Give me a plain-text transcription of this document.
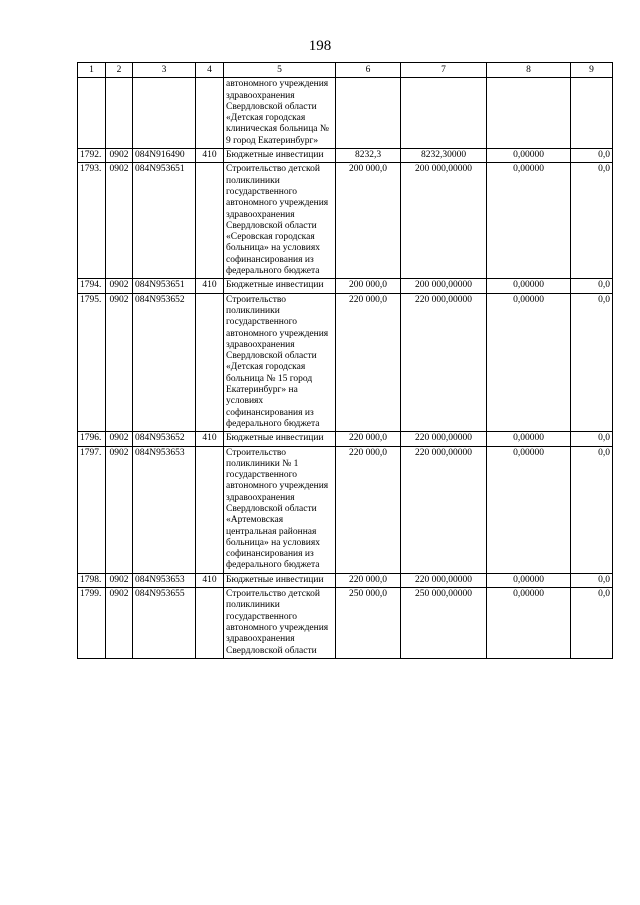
198
1	2	3	4	5	6	7	8	9
				автономного учреждения здравоохранения Свердловской области «Детская городская клиническая больница № 9 город Екатеринбург»				
1792.	0902	084N916490	410	Бюджетные инвестиции	8232,3	8232,30000	0,00000	0,0
1793.	0902	084N953651		Строительство детской поликлиники государственного автономного учреждения здравоохранения Свердловской области «Серовская городская больница» на условиях софинансирования из федерального бюджета	200 000,0	200 000,00000	0,00000	0,0
1794.	0902	084N953651	410	Бюджетные инвестиции	200 000,0	200 000,00000	0,00000	0,0
1795.	0902	084N953652		Строительство поликлиники государственного автономного учреждения здравоохранения Свердловской области «Детская городская больница № 15 город Екатеринбург» на условиях софинансирования из федерального бюджета	220 000,0	220 000,00000	0,00000	0,0
1796.	0902	084N953652	410	Бюджетные инвестиции	220 000,0	220 000,00000	0,00000	0,0
1797.	0902	084N953653		Строительство поликлиники № 1 государственного автономного учреждения здравоохранения Свердловской области «Артемовская центральная районная больница» на условиях софинансирования из федерального бюджета	220 000,0	220 000,00000	0,00000	0,0
1798.	0902	084N953653	410	Бюджетные инвестиции	220 000,0	220 000,00000	0,00000	0,0
1799.	0902	084N953655		Строительство детской поликлиники государственного автономного учреждения здравоохранения Свердловской области	250 000,0	250 000,00000	0,00000	0,0
